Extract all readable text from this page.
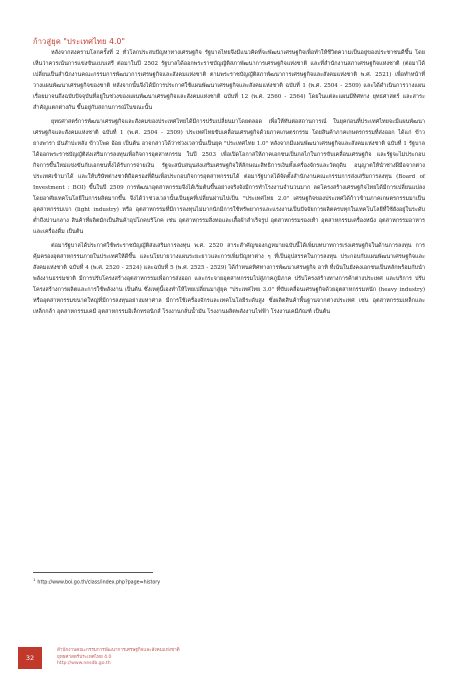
ก้าวสู่ยุค "ประเทศไทย 4.0"

หลังจากสงครามโลกครั้งที่ 2 ทั่วโลกประสบปัญหาทางเศรษฐกิจ รัฐบาลไทยจึงมีแนวคิดที่จะพัฒนาเศรษฐกิจเพื่อทำให้ชีวิตความเป็นอยู่ของประชาชนดีขึ้น โดยเห็นว่าควรเน้นการแข่งขันแบบเสรี ต่อมาในปี 2502 รัฐบาลได้ออกพระราชบัญญัติสภาพัฒนาการเศรษฐกิจแห่งชาติ และที่สำนักงานสภาเศรษฐกิจแห่งชาติ (ต่อมาได้เปลี่ยนเป็นสำนักงานคณะกรรมการพัฒนาการเศรษฐกิจและสังคมแห่งชาติ ตามพระราชบัญญัติสภาพัฒนาการเศรษฐกิจและสังคมแห่งชาติ พ.ศ. 2521) เพื่อทำหน้าที่วางแผนพัฒนาเศรษฐกิจของชาติ หลังจากนั้นจึงได้มีการประกาศใช้แผนพัฒนาเศรษฐกิจและสังคมแห่งชาติ ฉบับที่ 1 (พ.ศ. 2504 - 2509) และได้ดำเนินการวางแผนเรื่อยมาจนถึงฉบับปัจจุบันที่อยู่ในช่วงของแผนพัฒนาเศรษฐกิจและสังคมแห่งชาติ ฉบับที่ 12 (พ.ศ. 2560 - 2564) โดยในแต่ละแผนมีทิศทาง ยุทธศาสตร์ และสาระสำคัญแตกต่างกัน ขึ้นอยู่กับสถานการณ์ในขณะนั้น

ยุทธศาสตร์การพัฒนาเศรษฐกิจและสังคมของประเทศไทยได้มีการปรับเปลี่ยนมาโดยตลอด เพื่อให้ทันต่อสถานการณ์ ในยุคก่อนที่ประเทศไทยจะมีแผนพัฒนาเศรษฐกิจและสังคมแห่งชาติ ฉบับที่ 1 (พ.ศ. 2504 - 2509) ประเทศไทยขับเคลื่อนเศรษฐกิจด้วยภาคเกษตรกรรม โดยสินค้าภาคเกษตรกรรมที่ส่งออก ได้แก่ ข้าว ยางพารา มันสำปะหลัง ข้าวโพด อ้อย เป็นต้น อาจกล่าวได้ว่าช่วงเวลานั้นเป็นยุค "ประเทศไทย 1.0" หลังจากมีแผนพัฒนาเศรษฐกิจและสังคมแห่งชาติ ฉบับที่ 1 รัฐบาลได้ออกพระราชบัญญัติส่งเสริมการลงทุนเพื่อกิจการอุตสาหกรรม ในปี 2503 เพื่อเปิดโอกาสให้ภาคเอกชนเป็นกลไกในการขับเคลื่อนเศรษฐกิจ และรัฐจะไม่ประกอบกิจการขึ้นใหม่แข่งขันกับเอกชนทั้งได้รับการจ่ายเงิน รัฐจะสนับสนุนส่งเสริมเศรษฐกิจให้ลักษณะสิทธิการเงินทั้งเครื่องจักรและวัตถุดิบ อนุญาตให้นำช่างฝีมือจากต่างประเทศเข้ามาได้ และให้บริษัทต่างชาติถือครองที่ดินเพื่อประกอบกิจการอุตสาหกรรมได้ ต่อมารัฐบาลได้จัดตั้งสำนักงานคณะกรรมการส่งเสริมการลงทุน (Board of Investment : BOI) ขึ้นในปี 2509 การพัฒนาอุตสาหกรรมจึงได้เริ่มต้นขึ้นอย่างจริงจังมีการทำโรงงานจำนวนมาก ลดโครงสร้างเศรษฐกิจไทยได้มีการเปลี่ยนแปลงโดยอาศัยเทคโนโลยีในการผลิตมากขึ้น จึงได้ว่าช่วงเวลานั้นเป็นยุคที่เปลี่ยนผ่านไปเป็น "ประเทศไทย 2.0" เศรษฐกิจของประเทศได้ก้าวข้ามภาคเกษตรกรรมมาเป็นอุตสาหกรรมเบา (light industry) หรือ อุตสาหกรรมที่มีการลงทุนไม่มากนักมีการใช้ทรัพยากรและแรงงานเป็นปัจจัยการผลิตครบทุกในเทคโนโลยีที่ใช้ยังอยู่ในระดับต่ำถึงปานกลาง สินค้าที่ผลิตมักเป็นสินค้าอุปโภคบริโภค เช่น อุตสาหกรรมสิ่งทอและเสื้อผ้าสำเร็จรูป อุตสาหกรรมรองเท้า อุตสาหกรรมเครื่องหนัง อุตสาหกรรมอาหารและเครื่องดื่ม เป็นต้น

ต่อมารัฐบาลได้ประกาศใช้พระราชบัญญัติส่งเสริมการลงทุน พ.ศ. 2520 สาระสำคัญของกฎหมายฉบับนี้ได้เพิ่มบทบาทการเร่งเศรษฐกิจในด้านการลงทุน การคุ้มครองอุตสาหกรรมภายในประเทศให้ดีขึ้น และนโยบายวางแผนระยะยาวและการเพิ่มปัญหาต่าง ๆ ที่เป็นอุปสรรคในการลงทุน ประกอบกับแผนพัฒนาเศรษฐกิจและสังคมแห่งชาติ ฉบับที่ 4 (พ.ศ. 2520 - 2524) และฉบับที่ 5 (พ.ศ. 2525 - 2529) ได้กำหนดทิศทางการพัฒนาเศรษฐกิจ อาทิ ที่เน้นในยังคงเอกชนเป็นหลักพร้อมกับนำพลังงานธรรมชาติ มีการปรับโครงสร้างอุตสาหกรรมเพื่อการส่งออก และกระจายอุตสาหกรรมไปสู่ภาคภูมิภาค ปรับโครงสร้างทางการค้าต่างประเทศ และบริการ ปรับโครงสร้างการผลิตและการใช้พลังงาน เป็นต้น ซึ่งเหตุนี้เองทำให้ไทยเปลี่ยนมาสู่ยุค "ประเทศไทย 3.0" ที่ขับเคลื่อนเศรษฐกิจด้วยอุตสาหกรรมหนัก (heavy industry) หรืออุตสาหกรรมขนาดใหญ่ที่มีการลงทุนอย่างมหาศาล มีการใช้เครื่องจักรและเทคโนโลยีระดับสูง ซึ่งผลิตสินค้าพื้นฐานจากต่างประเทศ เช่น อุตสาหกรรมเหล็กและเหล็กกล้า อุตสาหกรรมเคมี อุตสาหกรรมอิเล็กทรอนิกส์ โรงงานกลั่นน้ำมัน โรงงานผลิตพลังงานไฟฟ้า โรงงานเคมีภัณฑ์ เป็นต้น

$^1$http://www.boi.go.th/class/index.php?page=history
32
สำนักงานคณะกรรมการพัฒนาการเศรษฐกิจและสังคมแห่งชาติ
ยุทธศาสตร์ประเทศไทย 4.0
http://www.nesdb.go.th
